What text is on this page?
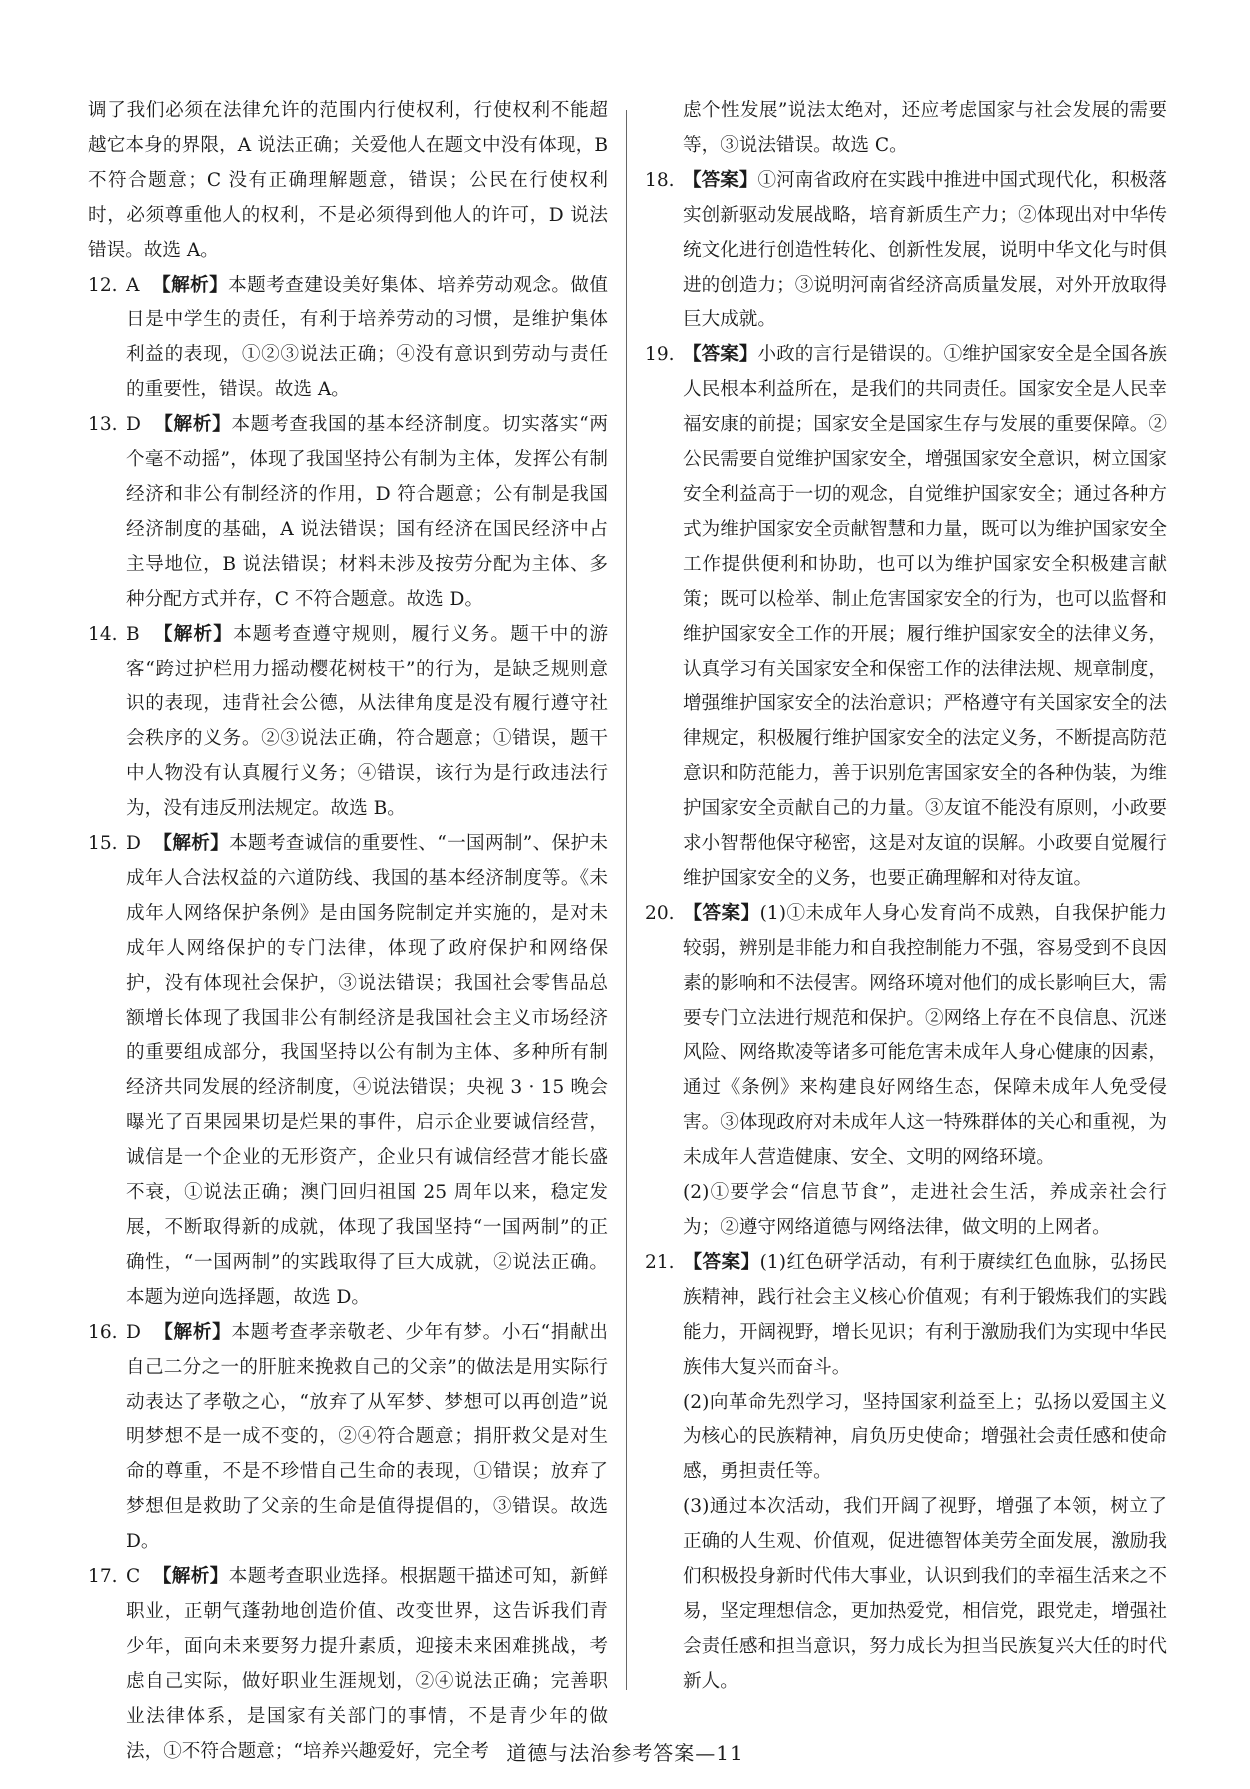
调了我们必须在法律允许的范围内行使权利，行使权利不能超越它本身的界限，A 说法正确；关爱他人在题文中没有体现，B 不符合题意；C 没有正确理解题意，错误；公民在行使权利时，必须尊重他人的权利，不是必须得到他人的许可，D 说法错误。故选 A。

12. A 【解析】本题考查建设美好集体、培养劳动观念。做值日是中学生的责任，有利于培养劳动的习惯，是维护集体利益的表现，①②③说法正确；④没有意识到劳动与责任的重要性，错误。故选 A。

13. D 【解析】本题考查我国的基本经济制度。切实落实“两个毫不动摇”，体现了我国坚持公有制为主体，发挥公有制经济和非公有制经济的作用，D 符合题意；公有制是我国经济制度的基础，A 说法错误；国有经济在国民经济中占主导地位，B 说法错误；材料未涉及按劳分配为主体、多种分配方式并存，C 不符合题意。故选 D。

14. B 【解析】本题考查遵守规则，履行义务。题干中的游客“跨过护栏用力摇动樱花树枝干”的行为，是缺乏规则意识的表现，违背社会公德，从法律角度是没有履行遵守社会秩序的义务。②③说法正确，符合题意；①错误，题干中人物没有认真履行义务；④错误，该行为是行政违法行为，没有违反刑法规定。故选 B。

15. D 【解析】本题考查诚信的重要性、“一国两制”、保护未成年人合法权益的六道防线、我国的基本经济制度等。《未成年人网络保护条例》是由国务院制定并实施的，是对未成年人网络保护的专门法律，体现了政府保护和网络保护，没有体现社会保护，③说法错误；我国社会零售品总额增长体现了我国非公有制经济是我国社会主义市场经济的重要组成部分，我国坚持以公有制为主体、多种所有制经济共同发展的经济制度，④说法错误；央视 3 · 15 晚会曝光了百果园果切是烂果的事件，启示企业要诚信经营，诚信是一个企业的无形资产，企业只有诚信经营才能长盛不衰，①说法正确；澳门回归祖国 25 周年以来，稳定发展，不断取得新的成就，体现了我国坚持“一国两制”的正确性，“一国两制”的实践取得了巨大成就，②说法正确。本题为逆向选择题，故选 D。

16. D 【解析】本题考查孝亲敬老、少年有梦。小石“捐献出自己二分之一的肝脏来挽救自己的父亲”的做法是用实际行动表达了孝敬之心，“放弃了从军梦、梦想可以再创造”说明梦想不是一成不变的，②④符合题意；捐肝救父是对生命的尊重，不是不珍惜自己生命的表现，①错误；放弃了梦想但是救助了父亲的生命是值得提倡的，③错误。故选 D。

17. C 【解析】本题考查职业选择。根据题干描述可知，新鲜职业，正朝气蓬勃地创造价值、改变世界，这告诉我们青少年，面向未来要努力提升素质，迎接未来困难挑战，考虑自己实际，做好职业生涯规划，②④说法正确；完善职业法律体系，是国家有关部门的事情，不是青少年的做法，①不符合题意；“培养兴趣爱好，完全考

虑个性发展”说法太绝对，还应考虑国家与社会发展的需要等，③说法错误。故选 C。

18. 【答案】①河南省政府在实践中推进中国式现代化，积极落实创新驱动发展战略，培育新质生产力；②体现出对中华传统文化进行创造性转化、创新性发展，说明中华文化与时俱进的创造力；③说明河南省经济高质量发展，对外开放取得巨大成就。

19. 【答案】小政的言行是错误的。①维护国家安全是全国各族人民根本利益所在，是我们的共同责任。国家安全是人民幸福安康的前提；国家安全是国家生存与发展的重要保障。②公民需要自觉维护国家安全，增强国家安全意识，树立国家安全利益高于一切的观念，自觉维护国家安全；通过各种方式为维护国家安全贡献智慧和力量，既可以为维护国家安全工作提供便利和协助，也可以为维护国家安全积极建言献策；既可以检举、制止危害国家安全的行为，也可以监督和维护国家安全工作的开展；履行维护国家安全的法律义务，认真学习有关国家安全和保密工作的法律法规、规章制度，增强维护国家安全的法治意识；严格遵守有关国家安全的法律规定，积极履行维护国家安全的法定义务，不断提高防范意识和防范能力，善于识别危害国家安全的各种伪装，为维护国家安全贡献自己的力量。③友谊不能没有原则，小政要求小智帮他保守秘密，这是对友谊的误解。小政要自觉履行维护国家安全的义务，也要正确理解和对待友谊。

20. 【答案】(1)①未成年人身心发育尚不成熟，自我保护能力较弱，辨别是非能力和自我控制能力不强，容易受到不良因素的影响和不法侵害。网络环境对他们的成长影响巨大，需要专门立法进行规范和保护。②网络上存在不良信息、沉迷风险、网络欺凌等诸多可能危害未成年人身心健康的因素，通过《条例》来构建良好网络生态，保障未成年人免受侵害。③体现政府对未成年人这一特殊群体的关心和重视，为未成年人营造健康、安全、文明的网络环境。

(2)①要学会“信息节食”，走进社会生活，养成亲社会行为；②遵守网络道德与网络法律，做文明的上网者。

21. 【答案】(1)红色研学活动，有利于赓续红色血脉，弘扬民族精神，践行社会主义核心价值观；有利于锻炼我们的实践能力，开阔视野，增长见识；有利于激励我们为实现中华民族伟大复兴而奋斗。

(2)向革命先烈学习，坚持国家利益至上；弘扬以爱国主义为核心的民族精神，肩负历史使命；增强社会责任感和使命感，勇担责任等。

(3)通过本次活动，我们开阔了视野，增强了本领，树立了正确的人生观、价值观，促进德智体美劳全面发展，激励我们积极投身新时代伟大事业，认识到我们的幸福生活来之不易，坚定理想信念，更加热爱党，相信党，跟党走，增强社会责任感和担当意识，努力成长为担当民族复兴大任的时代新人。

道德与法治参考答案—11
